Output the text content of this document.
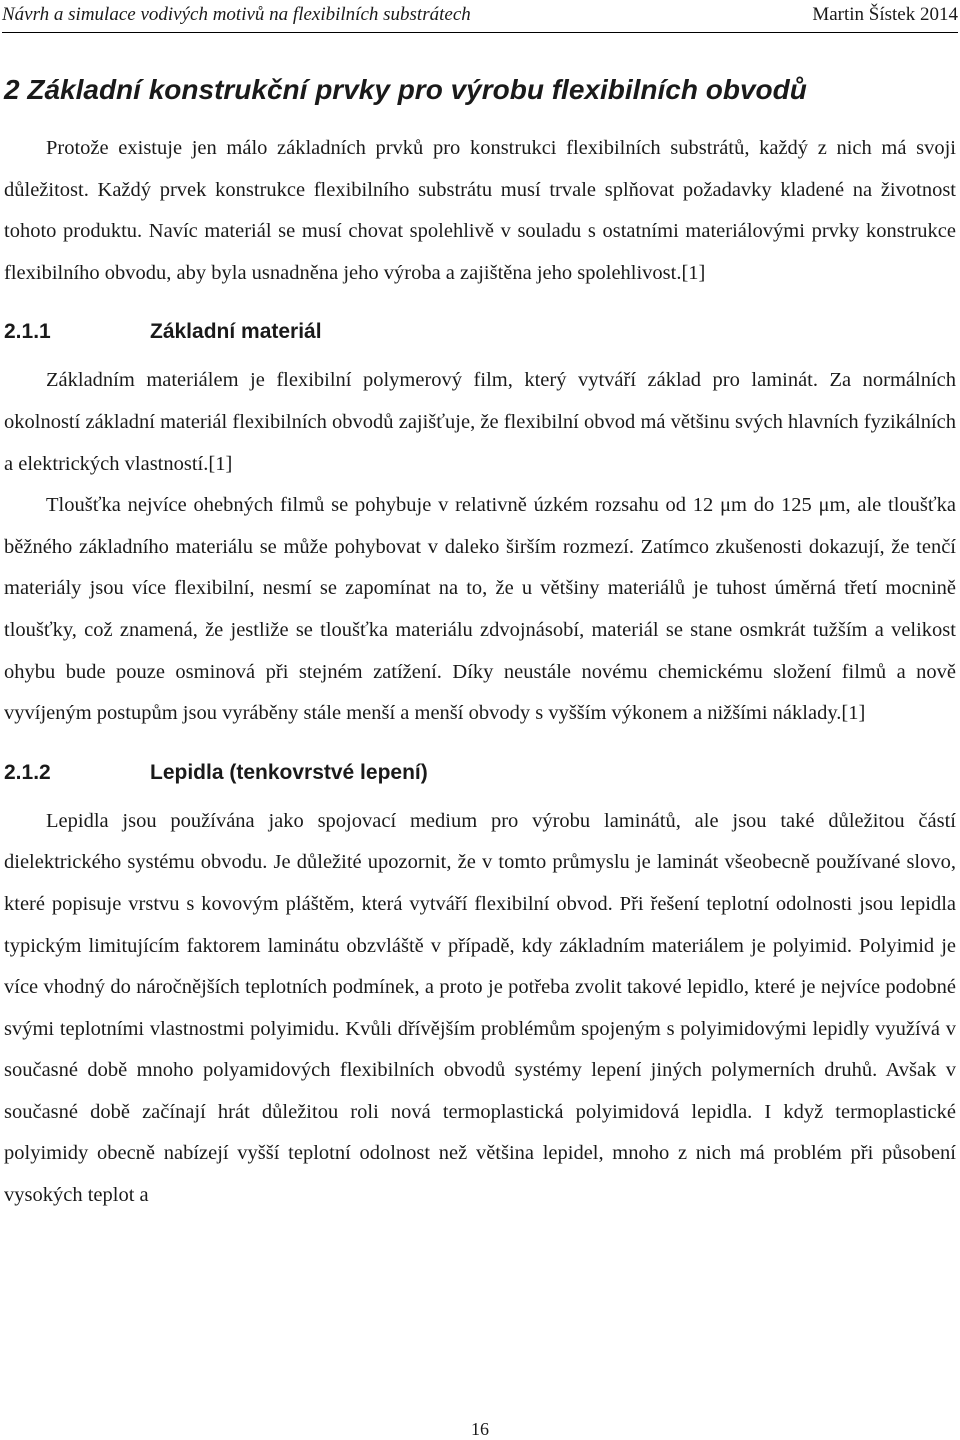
Návrh a simulace vodivých motivů na flexibilních substrátech	Martin Šístek 2014
2 Základní konstrukční prvky pro výrobu flexibilních obvodů

Protože existuje jen málo základních prvků pro konstrukci flexibilních substrátů, každý z nich má svoji důležitost. Každý prvek konstrukce flexibilního substrátu musí trvale splňovat požadavky kladené na životnost tohoto produktu. Navíc materiál se musí chovat spolehlivě v souladu s ostatními materiálovými prvky konstrukce flexibilního obvodu, aby byla usnadněna jeho výroba a zajištěna jeho spolehlivost.[1]

2.1.1	Základní materiál

Základním materiálem je flexibilní polymerový film, který vytváří základ pro laminát. Za normálních okolností základní materiál flexibilních obvodů zajišťuje, že flexibilní obvod má většinu svých hlavních fyzikálních a elektrických vlastností.[1]

Tloušťka nejvíce ohebných filmů se pohybuje v relativně úzkém rozsahu od 12 μm do 125 μm, ale tloušťka běžného základního materiálu se může pohybovat v daleko širším rozmezí. Zatímco zkušenosti dokazují, že tenčí materiály jsou více flexibilní, nesmí se zapomínat na to, že u většiny materiálů je tuhost úměrná třetí mocnině tloušťky, což znamená, že jestliže se tloušťka materiálu zdvojnásobí, materiál se stane osmkrát tužším a velikost ohybu bude pouze osminová při stejném zatížení. Díky neustále novému chemickému složení filmů a nově vyvíjeným postupům jsou vyráběny stále menší a menší obvody s vyšším výkonem a nižšími náklady.[1]

2.1.2	Lepidla (tenkovrstvé lepení)

Lepidla jsou používána jako spojovací medium pro výrobu laminátů, ale jsou také důležitou částí dielektrického systému obvodu. Je důležité upozornit, že v tomto průmyslu je laminát všeobecně používané slovo, které popisuje vrstvu s kovovým pláštěm, která vytváří flexibilní obvod. Při řešení teplotní odolnosti jsou lepidla typickým limitujícím faktorem laminátu obzvláště v případě, kdy základním materiálem je polyimid. Polyimid je více vhodný do náročnějších teplotních podmínek, a proto je potřeba zvolit takové lepidlo, které je nejvíce podobné svými teplotními vlastnostmi polyimidu. Kvůli dřívějším problémům spojeným s polyimidovými lepidly využívá v současné době mnoho polyamidových flexibilních obvodů systémy lepení jiných polymerních druhů. Avšak v současné době začínají hrát důležitou roli nová termoplastická polyimidová lepidla. I když termoplastické polyimidy obecně nabízejí vyšší teplotní odolnost než většina lepidel, mnoho z nich má problém při působení vysokých teplot a

16
